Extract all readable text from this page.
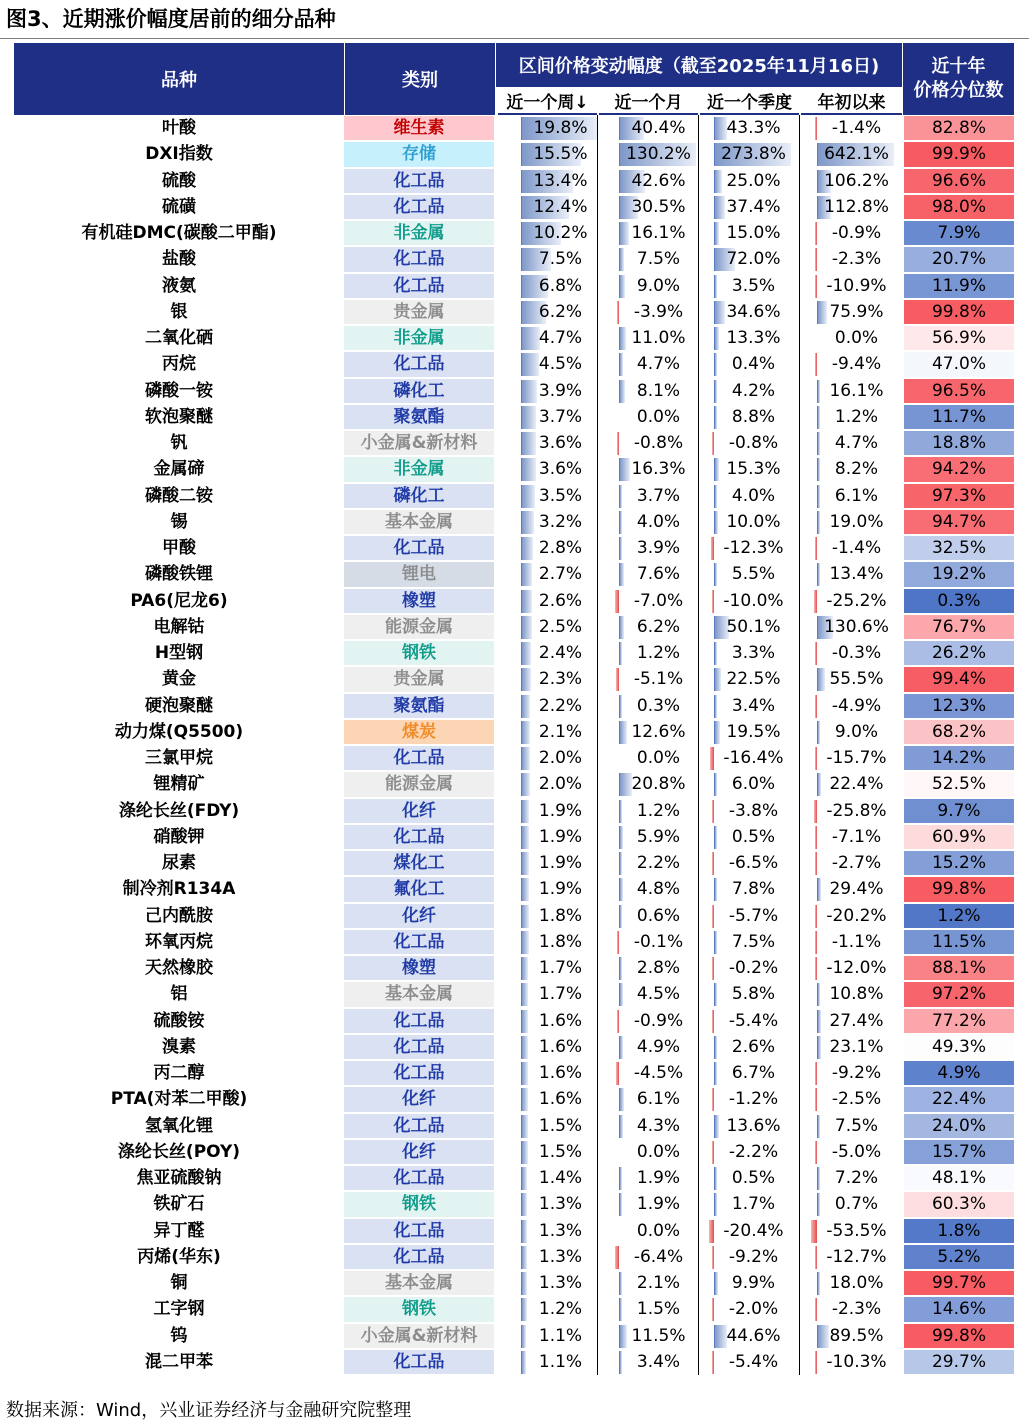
图3、近期涨价幅度居前的细分品种
品种	类别
区间价格变动幅度（截至2025年11月16日)	近十年
价格分位数
近一个周↓	近一个月	近一个季度	年初以来
叶酸	维生素	19.8%	40.4%	43.3%	-1.4%	82.8%
DXI指数	存储	15.5%	130.2%	273.8%	642.1%	99.9%
硫酸	化工品	13.4%	42.6%	25.0%	106.2%	96.6%
硫磺	化工品	12.4%	30.5%	37.4%	112.8%	98.0%
有机硅DMC(碳酸二甲酯)	非金属	10.2%	16.1%	15.0%	-0.9%	7.9%
盐酸	化工品	7.5%	7.5%	72.0%	-2.3%	20.7%
液氨	化工品	6.8%	9.0%	3.5%	-10.9%	11.9%
银	贵金属	6.2%	-3.9%	34.6%	75.9%	99.8%
二氧化硒	非金属	4.7%	11.0%	13.3%	0.0%	56.9%
丙烷	化工品	4.5%	4.7%	0.4%	-9.4%	47.0%
磷酸一铵	磷化工	3.9%	8.1%	4.2%	16.1%	96.5%
软泡聚醚	聚氨酯	3.7%	0.0%	8.8%	1.2%	11.7%
钒	小金属&新材料	3.6%	-0.8%	-0.8%	4.7%	18.8%
金属碲	非金属	3.6%	16.3%	15.3%	8.2%	94.2%
磷酸二铵	磷化工	3.5%	3.7%	4.0%	6.1%	97.3%
锡	基本金属	3.2%	4.0%	10.0%	19.0%	94.7%
甲酸	化工品	2.8%	3.9%	-12.3%	-1.4%	32.5%
磷酸铁锂	锂电	2.7%	7.6%	5.5%	13.4%	19.2%
PA6(尼龙6)	橡塑	2.6%	-7.0%	-10.0%	-25.2%	0.3%
电解钴	能源金属	2.5%	6.2%	50.1%	130.6%	76.7%
H型钢	钢铁	2.4%	1.2%	3.3%	-0.3%	26.2%
黄金	贵金属	2.3%	-5.1%	22.5%	55.5%	99.4%
硬泡聚醚	聚氨酯	2.2%	0.3%	3.4%	-4.9%	12.3%
动力煤(Q5500)	煤炭	2.1%	12.6%	19.5%	9.0%	68.2%
三氯甲烷	化工品	2.0%	0.0%	-16.4%	-15.7%	14.2%
锂精矿	能源金属	2.0%	20.8%	6.0%	22.4%	52.5%
涤纶长丝(FDY)	化纤	1.9%	1.2%	-3.8%	-25.8%	9.7%
硝酸钾	化工品	1.9%	5.9%	0.5%	-7.1%	60.9%
尿素	煤化工	1.9%	2.2%	-6.5%	-2.7%	15.2%
制冷剂R134A	氟化工	1.9%	4.8%	7.8%	29.4%	99.8%
己内酰胺	化纤	1.8%	0.6%	-5.7%	-20.2%	1.2%
环氧丙烷	化工品	1.8%	-0.1%	7.5%	-1.1%	11.5%
天然橡胶	橡塑	1.7%	2.8%	-0.2%	-12.0%	88.1%
铝	基本金属	1.7%	4.5%	5.8%	10.8%	97.2%
硫酸铵	化工品	1.6%	-0.9%	-5.4%	27.4%	77.2%
溴素	化工品	1.6%	4.9%	2.6%	23.1%	49.3%
丙二醇	化工品	1.6%	-4.5%	6.7%	-9.2%	4.9%
PTA(对苯二甲酸)	化纤	1.6%	6.1%	-1.2%	-2.5%	22.4%
氢氧化锂	化工品	1.5%	4.3%	13.6%	7.5%	24.0%
涤纶长丝(POY)	化纤	1.5%	0.0%	-2.2%	-5.0%	15.7%
焦亚硫酸钠	化工品	1.4%	1.9%	0.5%	7.2%	48.1%
铁矿石	钢铁	1.3%	1.9%	1.7%	0.7%	60.3%
异丁醛	化工品	1.3%	0.0%	-20.4%	-53.5%	1.8%
丙烯(华东)	化工品	1.3%	-6.4%	-9.2%	-12.7%	5.2%
铜	基本金属	1.3%	2.1%	9.9%	18.0%	99.7%
工字钢	钢铁	1.2%	1.5%	-2.0%	-2.3%	14.6%
钨	小金属&新材料	1.1%	11.5%	44.6%	89.5%	99.8%
混二甲苯	化工品	1.1%	3.4%	-5.4%	-10.3%	29.7%
数据来源：Wind，兴业证券经济与金融研究院整理
